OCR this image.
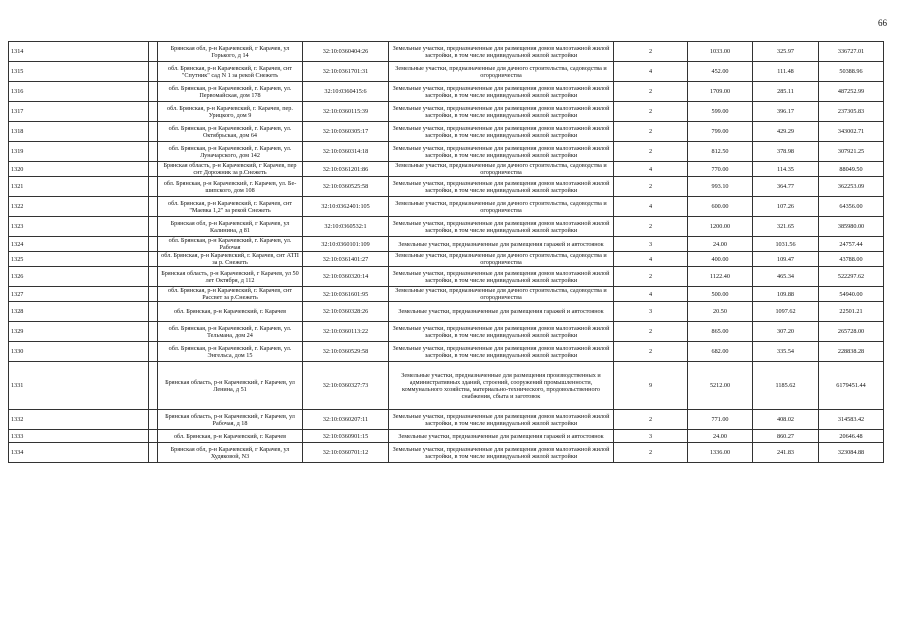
66
1314		Брянская обл, р-н Карачевский, г Карачев, ул Горького, д 14	32:10:0360404:26	Земельные участки, предназначенные для размещения домов малоэтажной жилой застройки, в том числе индивидуальной жилой застройки	2	1033.00	325.97	336727.01
1315		обл. Брянская, р-н Карачевский, г. Карачев, снт "Спутник" сад N 1 за рекой Снежеть	32:10:0361701:31	Земельные участки, предназначенные для дачного строительства, садоводства и огородничества	4	452.00	111.48	50388.96
1316		обл. Брянская, р-н Карачевский, г. Карачев, ул. Первомайская, дом 178	32:10:0360415:6	Земельные участки, предназначенные для размещения домов малоэтажной жилой застройки, в том числе индивидуальной жилой застройки	2	1709.00	285.11	487252.99
1317		обл. Брянская, р-н Карачевский, г. Карачев, пер. Урицкого, дом 9	32:10:0360115:39	Земельные участки, предназначенные для размещения домов малоэтажной жилой застройки, в том числе индивидуальной жилой застройки	2	599.00	396.17	237305.83
1318		обл. Брянская, р-н Карачевский, г. Карачев, ул. Октябрьская, дом 64	32:10:0360305:17	Земельные участки, предназначенные для размещения домов малоэтажной жилой застройки, в том числе индивидуальной жилой застройки	2	799.00	429.29	343002.71
1319		обл. Брянская, р-н Карачевский, г. Карачев, ул. Луначарского, дом 142	32:10:0360314:18	Земельные участки, предназначенные для размещения домов малоэтажной жилой застройки, в том числе индивидуальной жилой застройки	2	812.50	378.98	307921.25
1320		Брянская область, р-н Карачевский, г Карачев, пер снт Дорожник за р.Снежеть	32:10:0361201:86	Земельные участки, предназначенные для дачного строительства, садоводства и огородничества	4	770.00	114.35	88049.50
1321		обл. Брянская, р-н Карачевский, г. Карачев, ул. Бе-шипского, дом 108	32:10:0360525:58	Земельные участки, предназначенные для размещения домов малоэтажной жилой застройки, в том числе индивидуальной жилой застройки	2	993.10	364.77	362253.09
1322		обл. Брянская, р-н Карачевский, г. Карачев, снт "Маевка 1,2" за рекой Снежеть	32:10:0362401:105	Земельные участки, предназначенные для дачного строительства, садоводства и огородничества	4	600.00	107.26	64356.00
1323		Брянская обл, р-н Карачевский, г Карачев, ул Калинина, д 81	32:10:0360532:1	Земельные участки, предназначенные для размещения домов малоэтажной жилой застройки, в том числе индивидуальной жилой застройки	2	1200.00	321.65	385980.00
1324		обл. Брянская, р-н Карачевский, г. Карачев, ул. Рабочая	32:10:0360101:109	Земельные участки, предназначенные для размещения гаражей и автостоянок	3	24.00	1031.56	24757.44
1325		обл. Брянская, р-н Карачевский, г. Карачев, снт АТП за р. Снежеть	32:10:0361401:27	Земельные участки, предназначенные для дачного строительства, садоводства и огородничества	4	400.00	109.47	43788.00
1326		Брянская область, р-н Карачевский, г Карачев, ул 50 лет Октября, д 112	32:10:0360320:14	Земельные участки, предназначенные для размещения домов малоэтажной жилой застройки, в том числе индивидуальной жилой застройки	2	1122.40	465.34	522297.62
1327		обл. Брянская, р-н Карачевский, г. Карачев, снт Рассвет за р.Снежеть	32:10:0361601:95	Земельные участки, предназначенные для дачного строительства, садоводства и огородничества	4	500.00	109.88	54940.00
1328		обл. Брянская, р-н Карачевский, г. Карачев	32:10:0360328:26	Земельные участки, предназначенные для размещения гаражей и автостоянок	3	20.50	1097.62	22501.21
1329		обл. Брянская, р-н Карачевский, г. Карачев, ул. Тельмана, дом 24	32:10:0360113:22	Земельные участки, предназначенные для размещения домов малоэтажной жилой застройки, в том числе индивидуальной жилой застройки	2	865.00	307.20	265728.00
1330		обл. Брянская, р-н Карачевский, г. Карачев, ул. Энгельса, дом 15	32:10:0360529:58	Земельные участки, предназначенные для размещения домов малоэтажной жилой застройки, в том числе индивидуальной жилой застройки	2	682.00	335.54	228838.28
1331		Брянская область, р-н Карачевский, г Карачев, ул Ленина, д 51	32:10:0360327:73	Земельные участки, предназначенные для размещения производственных и административных зданий, строений, сооружений промышленности, коммунального хозяйства, материально-технического, продовольственного снабжения, сбыта и заготовок	9	5212.00	1185.62	6179451.44
1332		Брянская область, р-н Карачевский, г Карачев, ул Рабочая, д 18	32:10:0360207:11	Земельные участки, предназначенные для размещения домов малоэтажной жилой застройки, в том числе индивидуальной жилой застройки	2	771.00	408.02	314583.42
1333		обл. Брянская, р-н Карачевский, г. Карачев	32:10:0360901:15	Земельные участки, предназначенные для размещения гаражей и автостоянок	3	24.00	860.27	20646.48
1334		Брянская обл, р-н Карачевский, г Карачев, ул Худяковой, N3	32:10:0360701:12	Земельные участки, предназначенные для размещения домов малоэтажной жилой застройки, в том числе индивидуальной жилой застройки	2	1336.00	241.83	323084.88
